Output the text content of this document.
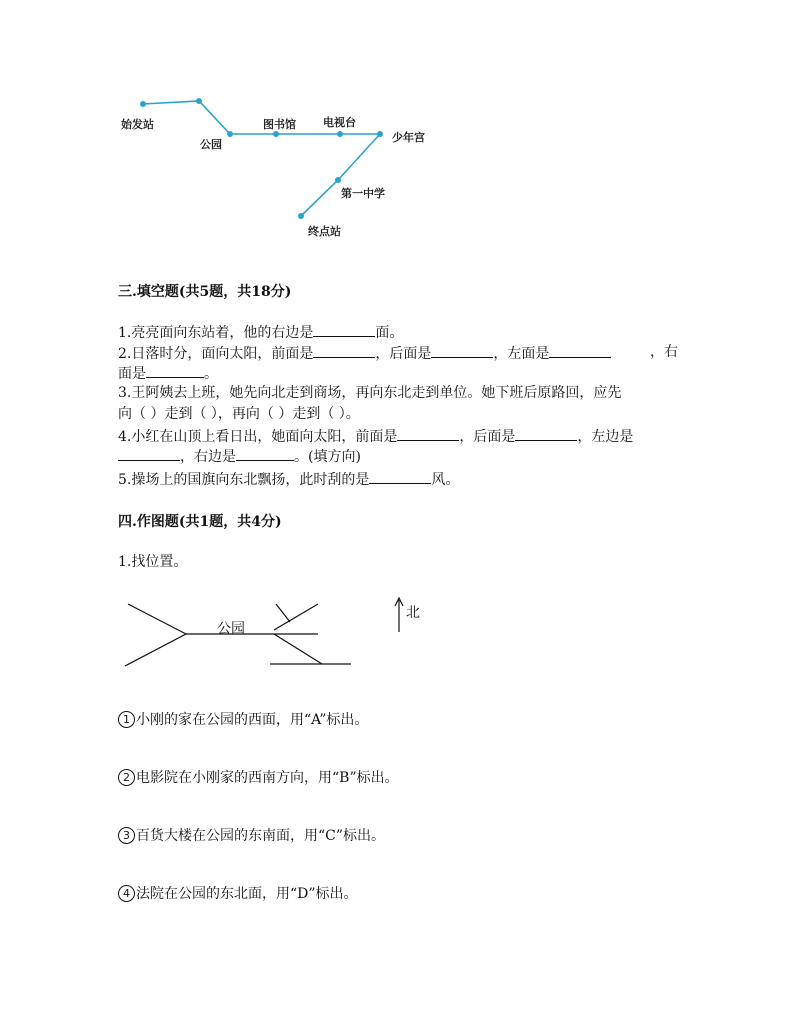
始发站
公园
图书馆 电视台
少年宫
第一中学
终点站
三.填空题(共5题，共18分)
1.亮亮面向东站着，他的右边是	面。
2.日落时分，面向太阳，前面是	，后面是	，左面是	，右
面是	。
3.王阿姨去上班，她先向北走到商场，再向东北走到单位。她下班后原路回，应先
向（ ）走到（ ），再向（ ）走到（ ）。
4.小红在山顶上看日出，她面向太阳，前面是	，后面是	，左边是
，右边是	。(填方向)
5.操场上的国旗向东北飘扬，此时刮的是	风。
四.作图题(共1题，共4分)
1.找位置。
公园
北
1 小刚的家在公园的西面，用“A”标出。
2 电影院在小刚家的西南方向，用“B”标出。
3 百货大楼在公园的东南面，用“C”标出。
4 法院在公园的东北面，用“D”标出。
